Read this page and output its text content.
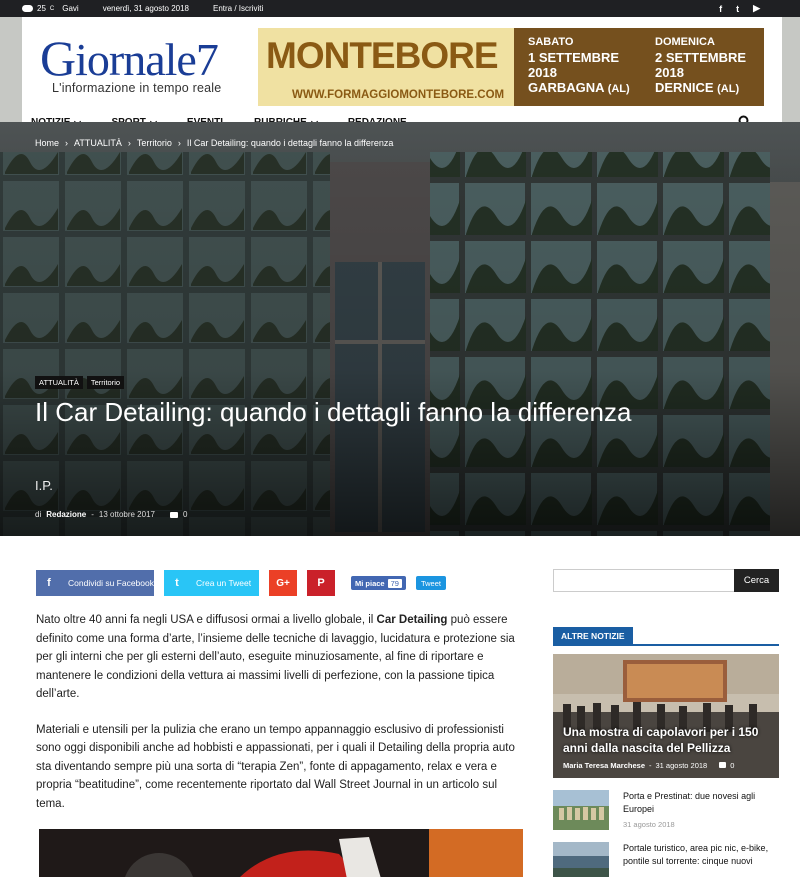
25 C Gavi	venerdì, 31 agosto 2018	Entra / Iscriviti	f t ▶
Giornale7
L'informazione in tempo reale
MONTEBORE
WWW.FORMAGGIOMONTEBORE.COM
SABATO
1 SETTEMBRE 2018
GARBAGNA (AL)
DOMENICA
2 SETTEMBRE 2018
DERNICE (AL)
Home › ATTUALITÀ › Territorio › Il Car Detailing: quando i dettagli fanno la differenza
ATTUALITÀ	Territorio
Il Car Detailing: quando i dettagli fanno la differenza
I.P.
di Redazione - 13 ottobre 2017	0
f	Condividi su Facebook	t	Crea un Tweet	G+	P	Mi piace 79	Tweet

Nato oltre 40 anni fa negli USA e diffusosi ormai a livello globale, il Car Detailing può essere definito come una forma d’arte, l’insieme delle tecniche di lavaggio, lucidatura e protezione sia per gli interni che per gli esterni dell’auto, eseguite minuziosamente, al fine di riportare e mantenere le condizioni della vettura ai massimi livelli di perfezione, con la passione tipica dell’arte.

Materiali e utensili per la pulizia che erano un tempo appannaggio esclusivo di professionisti sono oggi disponibili anche ad hobbisti e appassionati, per i quali il Detailing della propria auto sta diventando sempre più una sorta di “terapia Zen”, fonte di appagamento, relax e vera e propria “beatitudine”, come recentemente riportato dal Wall Street Journal in un articolo sul tema.

Cerca
ALTRE NOTIZIE
Una mostra di capolavori per i 150 anni dalla nascita del Pellizza
Maria Teresa Marchese - 31 agosto 2018	0
Porta e Prestinat: due novesi agli Europei
31 agosto 2018
Portale turistico, area pic nic, e-bike, pontile sul torrente: cinque nuovi
